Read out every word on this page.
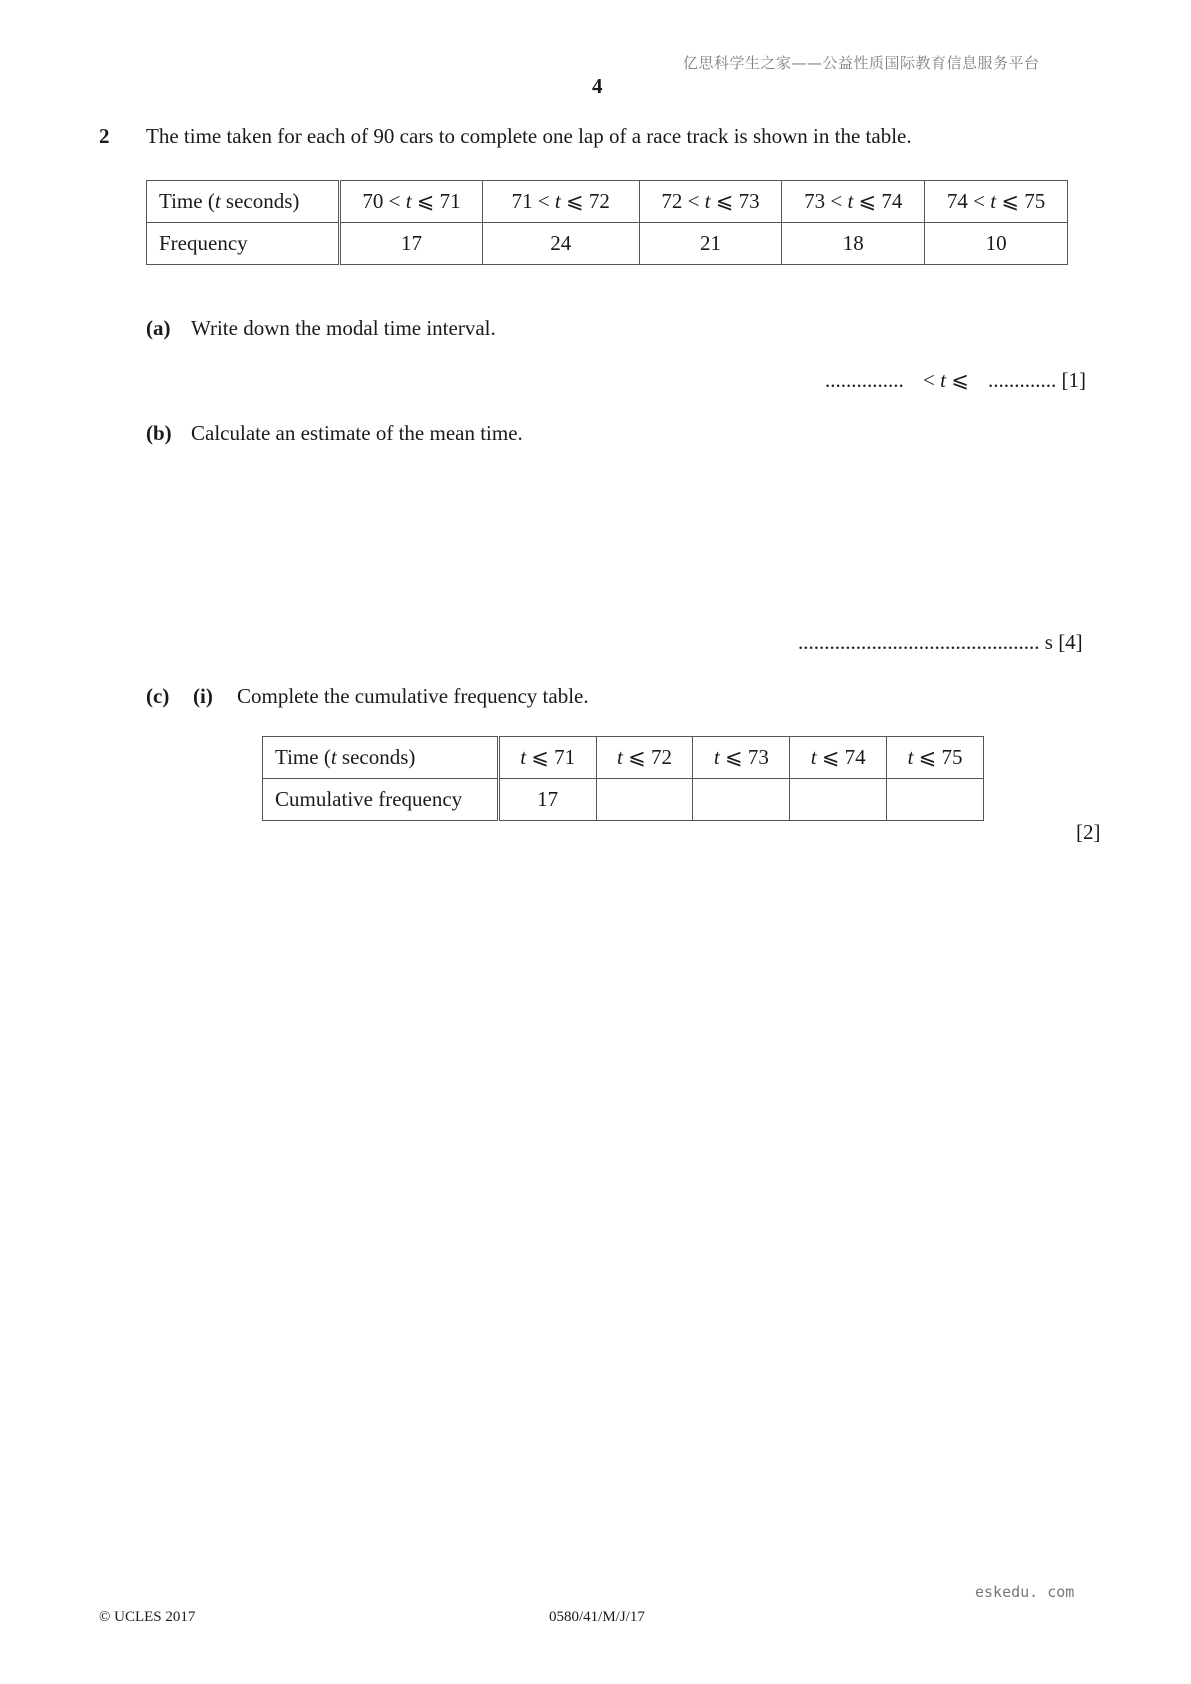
亿思科学生之家——公益性质国际教育信息服务平台
4
2 The time taken for each of 90 cars to complete one lap of a race track is shown in the table.
Time (t seconds)	70 < t ⩽ 71	71 < t ⩽ 72	72 < t ⩽ 73	73 < t ⩽ 74	74 < t ⩽ 75
Frequency	17	24	21	18	10
(a) Write down the modal time interval.
............... < t ⩽ ............. [1]
(b) Calculate an estimate of the mean time.
.............................................. s [4]
(c) (i) Complete the cumulative frequency table.
Time (t seconds)	t ⩽ 71	t ⩽ 72	t ⩽ 73	t ⩽ 74	t ⩽ 75
Cumulative frequency	17				
[2]
eskedu. com
© UCLES 2017	0580/41/M/J/17
